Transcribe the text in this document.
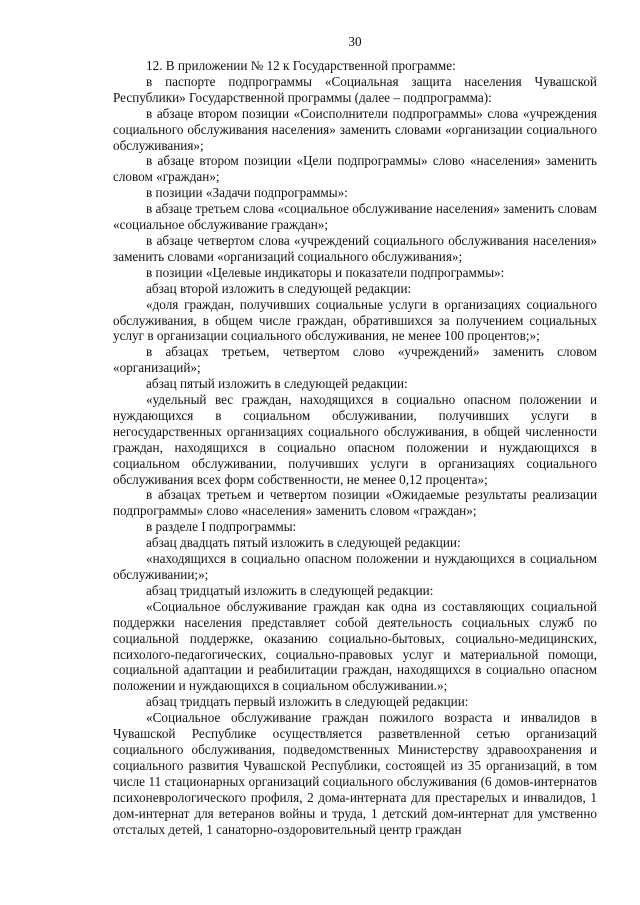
30

12. В приложении № 12 к Государственной программе:

в паспорте подпрограммы «Социальная защита населения Чувашской Республики» Государственной программы (далее – подпрограмма):

в абзаце втором позиции «Соисполнители подпрограммы» слова «учреждения социального обслуживания населения» заменить словами «организации социального обслуживания»;

в абзаце втором позиции «Цели подпрограммы» слово «населения» заменить словом «граждан»;

в позиции «Задачи подпрограммы»:

в абзаце третьем слова «социальное обслуживание населения» заменить словам «социальное обслуживание граждан»;

в абзаце четвертом слова «учреждений социального обслуживания населения» заменить словами «организаций социального обслуживания»;

в позиции «Целевые индикаторы и показатели подпрограммы»:

абзац второй изложить в следующей редакции:

«доля граждан, получивших социальные услуги в организациях социального обслуживания, в общем числе граждан, обратившихся за получением социальных услуг в организации социального обслуживания, не менее 100 процентов;»;

в абзацах третьем, четвертом слово «учреждений» заменить словом «организаций»;

абзац пятый изложить в следующей редакции:

«удельный вес граждан, находящихся в социально опасном положении и нуждающихся в социальном обслуживании, получивших услуги в негосударственных организациях социального обслуживания, в общей численности граждан, находящихся в социально опасном положении и нуждающихся в социальном обслуживании, получивших услуги в организациях социального обслуживания всех форм собственности, не менее 0,12 процента»;

в абзацах третьем и четвертом позиции «Ожидаемые результаты реализации подпрограммы» слово «населения» заменить словом «граждан»;

в разделе I подпрограммы:

абзац двадцать пятый изложить в следующей редакции:

«находящихся в социально опасном положении и нуждающихся в социальном обслуживании;»;

абзац тридцатый изложить в следующей редакции:

«Социальное обслуживание граждан как одна из составляющих социальной поддержки населения представляет собой деятельность социальных служб по социальной поддержке, оказанию социально-бытовых, социально-медицинских, психолого-педагогических, социально-правовых услуг и материальной помощи, социальной адаптации и реабилитации граждан, находящихся в социально опасном положении и нуждающихся в социальном обслуживании.»;

абзац тридцать первый изложить в следующей редакции:

«Социальное обслуживание граждан пожилого возраста и инвалидов в Чувашской Республике осуществляется разветвленной сетью организаций социального обслуживания, подведомственных Министерству здравоохранения и социального развития Чувашской Республики, состоящей из 35 организаций, в том числе 11 стационарных организаций социального обслуживания (6 домов-интернатов психоневрологического профиля, 2 дома-интерната для престарелых и инвалидов, 1 дом-интернат для ветеранов войны и труда, 1 детский дом-интернат для умственно отсталых детей, 1 санаторно-оздоровительный центр граждан
